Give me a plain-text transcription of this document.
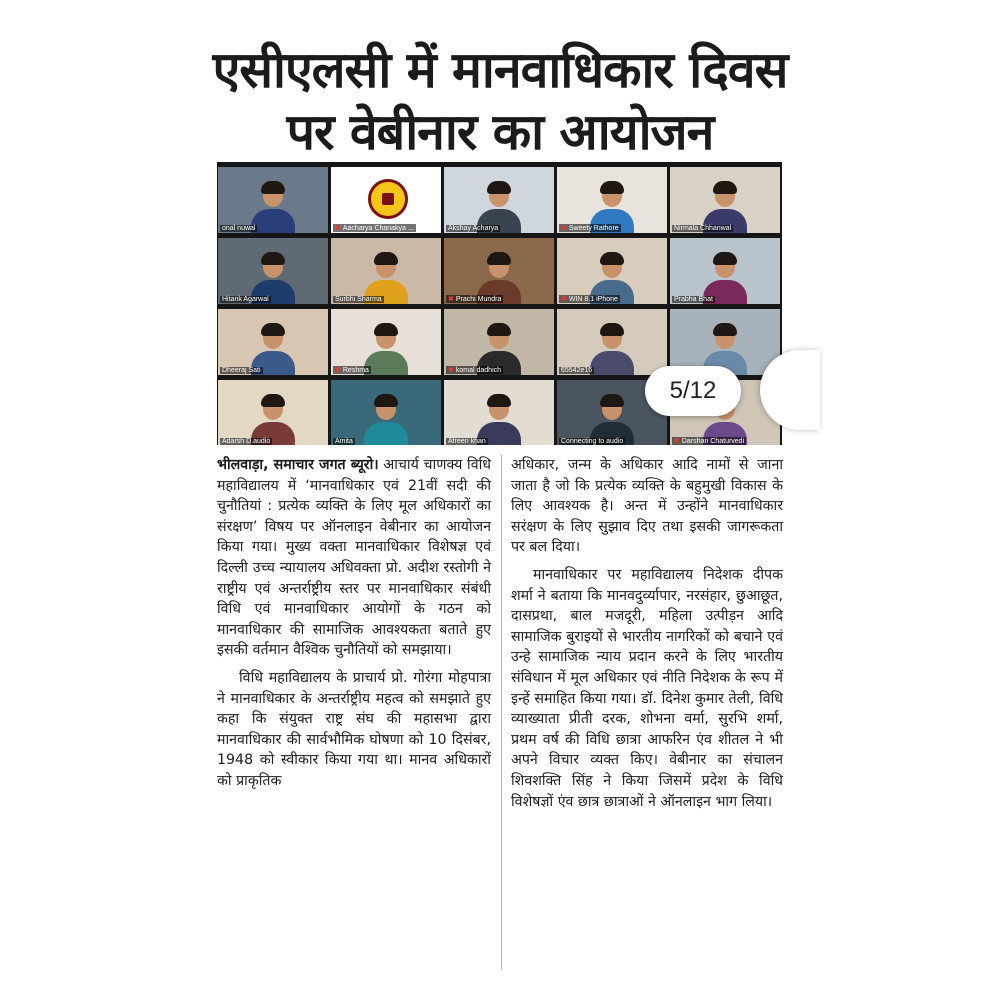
एसीएलसी में मानवाधिकार दिवस
पर वेबीनार का आयोजन
onal nuwal	✖ Aacharya Chanakya ...	Akshay Acharya	✖ Sweety Rathore	Nirmala Chhanwal
Hitank Agarwal	Surbhi Sharma	✖ Prachi Mundra	✖ WIN 8.1 iPhone	Prabha Bhat
Dheeraj Sati	✖ Reshma	✖ komal dadhich	65542e16
Adarsh D.audio	Amita	Afreen khan	Connecting to audio	✖ Darshan Chaturvedi
5/12

भीलवाड़ा, समाचार जगत ब्यूरो। आचार्य चाणक्य विधि महाविद्यालय में ‘मानवाधिकार एवं 21वीं सदी की चुनौतियां : प्रत्येक व्यक्ति के लिए मूल अधिकारों का संरक्षण’ विषय पर ऑनलाइन वेबीनार का आयोजन किया गया। मुख्य वक्ता मानवाधिकार विशेषज्ञ एवं दिल्ली उच्च न्यायालय अधिवक्ता प्रो. अदीश रस्तोगी ने राष्ट्रीय एवं अन्तर्राष्ट्रीय स्तर पर मानवाधिकार संबंधी विधि एवं मानवाधिकार आयोगों के गठन को मानवाधिकार की सामाजिक आवश्यकता बताते हुए इसकी वर्तमान वैश्विक चुनौतियों को समझाया।

विधि महाविद्यालय के प्राचार्य प्रो. गोरंगा मोहपात्रा ने मानवाधिकार के अन्तर्राष्ट्रीय महत्व को समझाते हुए कहा कि संयुक्त राष्ट्र संघ की महासभा द्वारा मानवाधिकार की सार्वभौमिक घोषणा को 10 दिसंबर, 1948 को स्वीकार किया गया था। मानव अधिकारों को प्राकृतिक

अधिकार, जन्म के अधिकार आदि नामों से जाना जाता है जो कि प्रत्येक व्यक्ति के बहुमुखी विकास के लिए आवश्यक है। अन्त में उन्होंने मानवाधिकार सरंक्षण के लिए सुझाव दिए तथा इसकी जागरूकता पर बल दिया।

मानवाधिकार पर महाविद्यालय निदेशक दीपक शर्मा ने बताया कि मानवदुर्व्यापार, नरसंहार, छुआछूत, दासप्रथा, बाल मजदूरी, महिला उत्पीड़न आदि सामाजिक बुराइयों से भारतीय नागरिकों को बचाने एवं उन्हे सामाजिक न्याय प्रदान करने के लिए भारतीय संविधान में मूल अधिकार एवं नीति निदेशक के रूप में इन्हें समाहित किया गया। डॉ. दिनेश कुमार तेली, विधि व्याख्याता प्रीती दरक, शोभना वर्मा, सुरभि शर्मा, प्रथम वर्ष की विधि छात्रा आफरिन एंव शीतल ने भी अपने विचार व्यक्त किए। वेबीनार का संचालन शिवशक्ति सिंह ने किया जिसमें प्रदेश के विधि विशेषज्ञों एंव छात्र छात्राओं ने ऑनलाइन भाग लिया।
